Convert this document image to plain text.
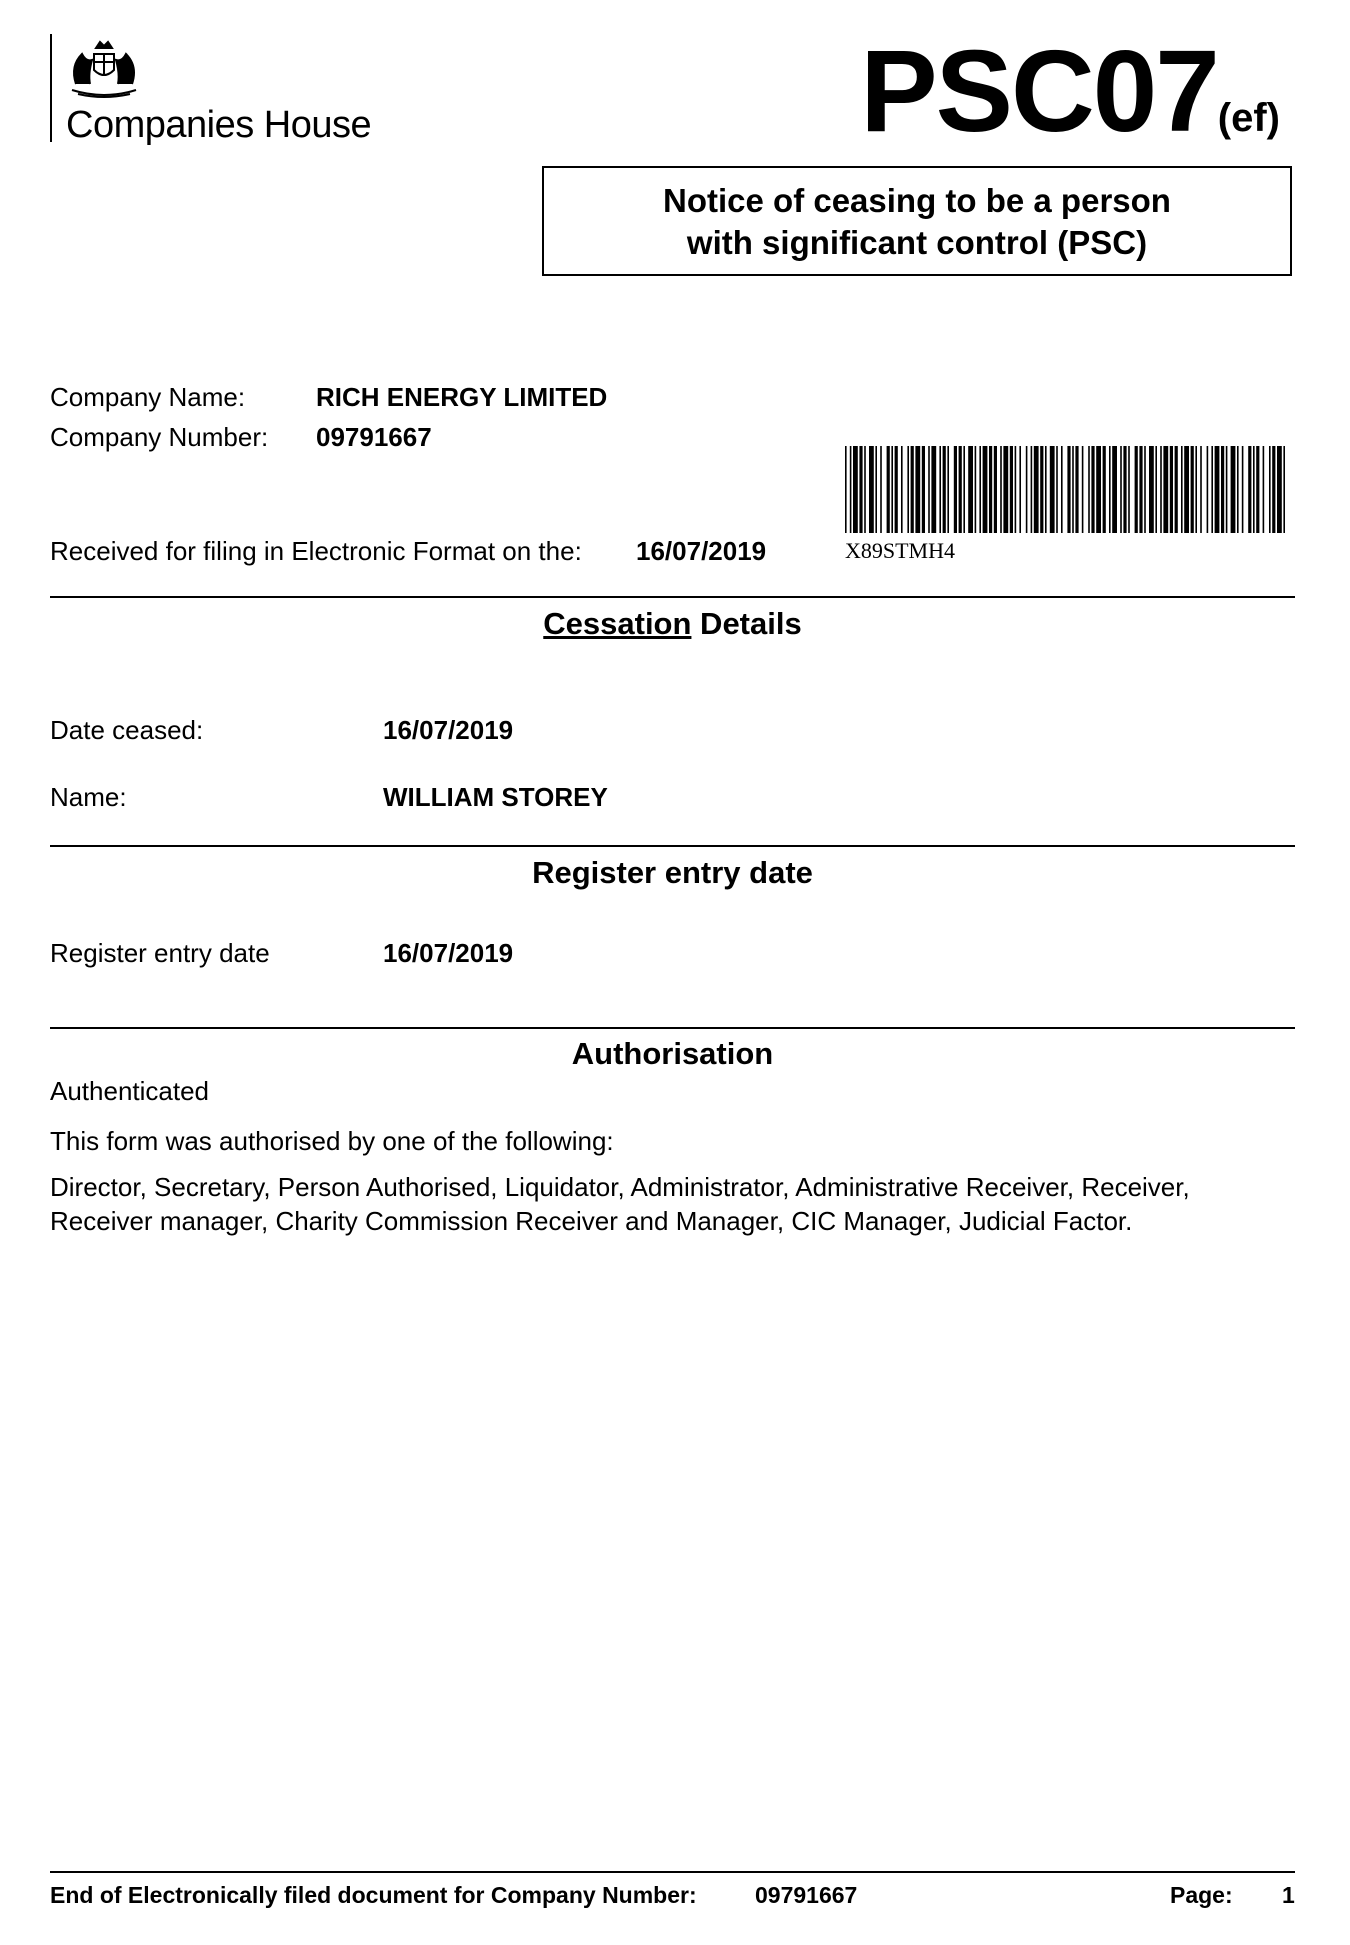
Companies House	PSC07(ef)
Notice of ceasing to be a person
with significant control (PSC)
Company Name:	RICH ENERGY LIMITED
Company Number: 09791667
X89STMH4
Received for filing in Electronic Format on the: 16/07/2019
Cessation Details
Date ceased:	16/07/2019
Name:	WILLIAM STOREY
Register entry date
Register entry date	16/07/2019
Authorisation
Authenticated
This form was authorised by one of the following:
Director, Secretary, Person Authorised, Liquidator, Administrator, Administrative Receiver, Receiver, Receiver manager, Charity Commission Receiver and Manager, CIC Manager, Judicial Factor.
End of Electronically filed document for Company Number:	09791667	Page: 1
